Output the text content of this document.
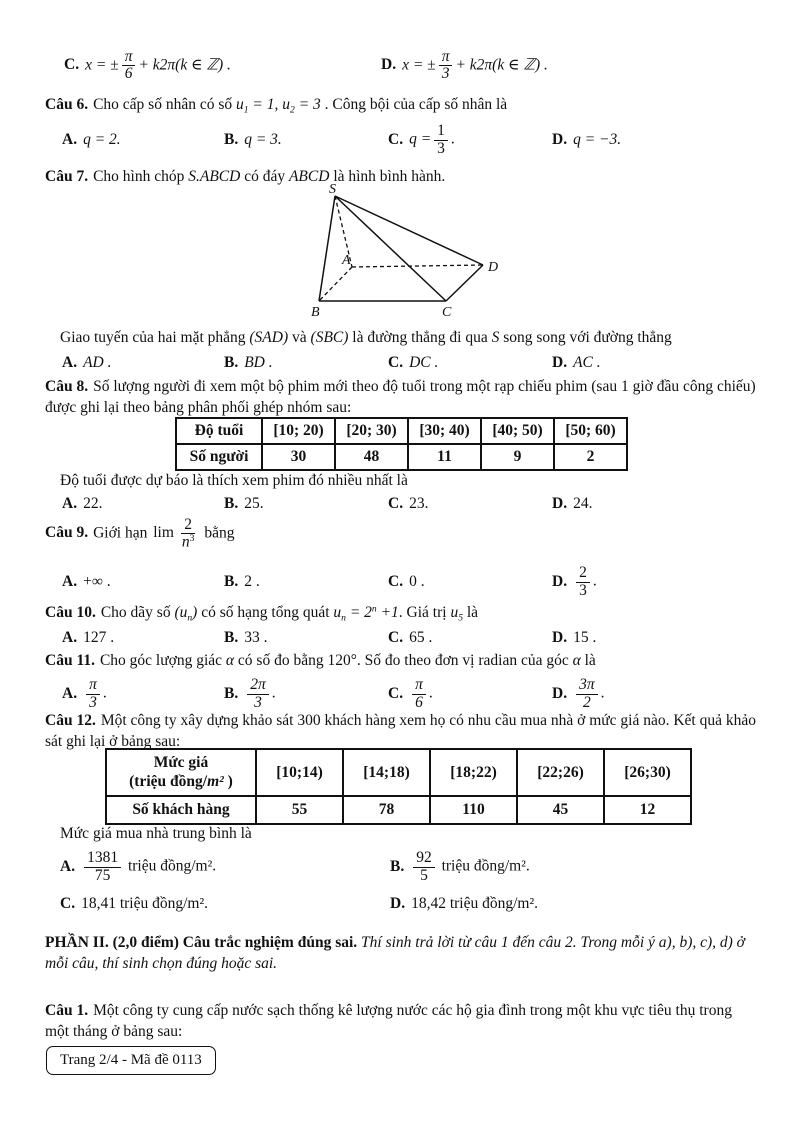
C. x = ± $\frac{\pi}{6} + k2\pi(k$ ∈ ℤ) .	D. x = ± $\frac{\pi}{3} + k2\pi(k$ ∈ ℤ) .
Câu 6. Cho cấp số nhân có số $u_1 = 1$, $u_2 = 3$ . Công bội của cấp số nhân là
A. q = 2.	B. q = 3.	C. $q = \frac{1}{3}$ .	D. q = −3.
Câu 7. Cho hình chóp S.ABCD có đáy ABCD là hình bình hành.
S
A
B	C
D
Giao tuyến của hai mặt phẳng (SAD) và (SBC) là đường thẳng đi qua S song song với đường thẳng
A. AD .	B. BD .	C. DC .	D. AC .
Câu 8. Số lượng người đi xem một bộ phim mới theo độ tuổi trong một rạp chiếu phim (sau 1 giờ đầu công chiếu) được ghi lại theo bảng phân phối ghép nhóm sau:
Độ tuổi	[10; 20)	[20; 30)	[30; 40)	[40; 50)	[50; 60)
Số người	30	48	11	9	2
Độ tuổi được dự báo là thích xem phim đó nhiều nhất là
A. 22.	B. 25.	C. 23.	D. 24.
Câu 9. Giới hạn $\lim \frac{2}{n^3}$ bằng
A. +∞ .	B. 2 .	C. 0 .	D. $\frac{2}{3}$ .
Câu 10. Cho dãy số $(u_n)$ có số hạng tổng quát $u_n = 2^n +1$. Giá trị $u_5$ là
A. 127 .	B. 33 .	C. 65 .	D. 15 .
Câu 11. Cho góc lượng giác α có số đo bằng 120°. Số đo theo đơn vị radian của góc α là
A. $\frac{\pi}{3}$ .	B. $\frac{2\pi}{3}$ .	C. $\frac{\pi}{6}$ .	D. $\frac{3\pi}{2}$ .
Câu 12. Một công ty xây dựng khảo sát 300 khách hàng xem họ có nhu cầu mua nhà ở mức giá nào. Kết quả khảo sát ghi lại ở bảng sau:
Mức giá
(triệu đồng/m² )	[10;14)	[14;18)	[18;22)	[22;26)	[26;30)
Số khách hàng	55	78	110	45	12
Mức giá mua nhà trung bình là
A. $\frac{1381}{75}$ triệu đồng/m².	B. $\frac{92}{5}$ triệu đồng/m².
C. 18,41 triệu đồng/m².	D. 18,42 triệu đồng/m².
PHẦN II. (2,0 điểm) Câu trắc nghiệm đúng sai. Thí sinh trả lời từ câu 1 đến câu 2. Trong mỗi ý a), b), c), d) ở mỗi câu, thí sinh chọn đúng hoặc sai.
Câu 1. Một công ty cung cấp nước sạch thống kê lượng nước các hộ gia đình trong một khu vực tiêu thụ trong một tháng ở bảng sau:
Trang 2/4 - Mã đề 0113
